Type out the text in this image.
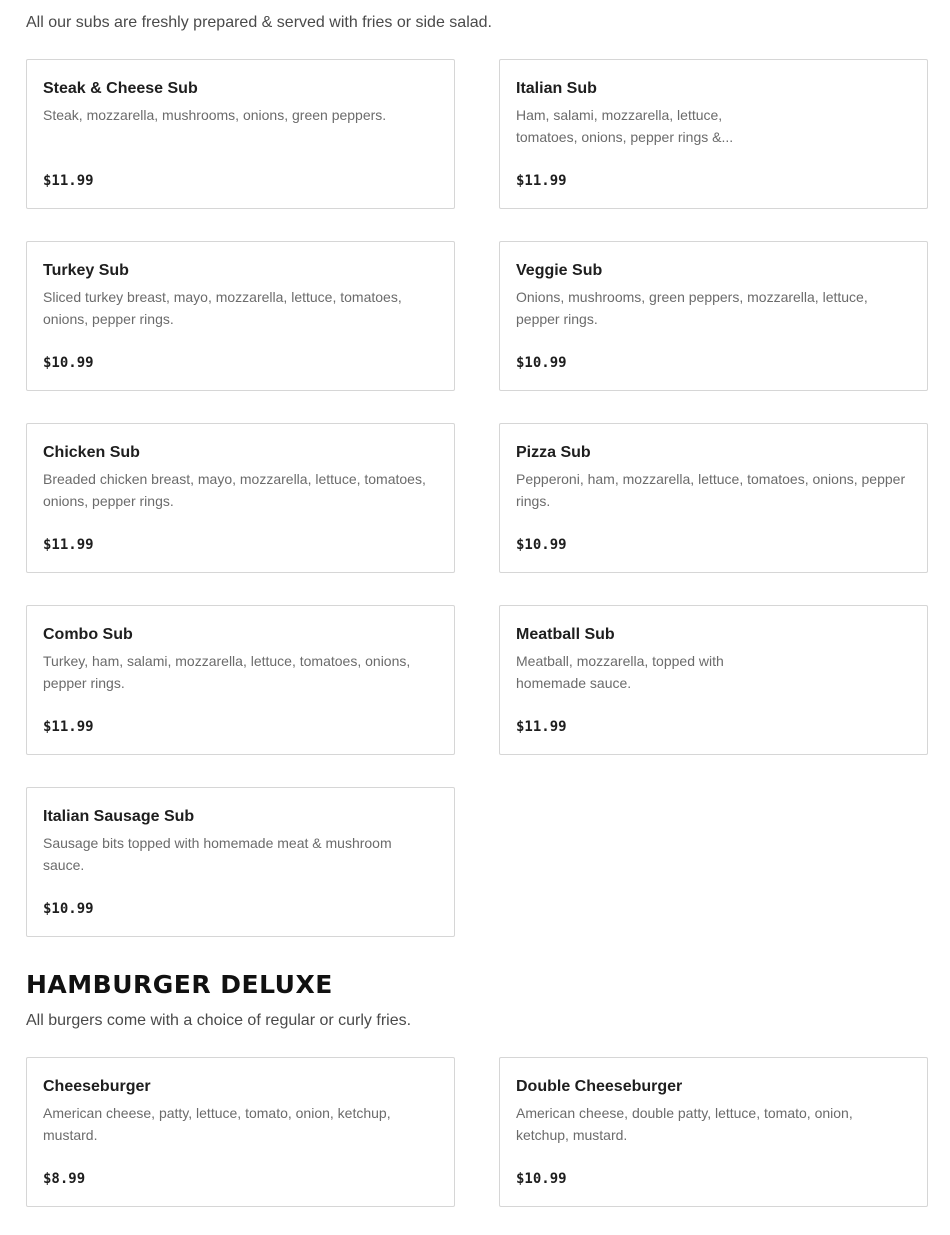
All our subs are freshly prepared & served with fries or side salad.
Steak & Cheese Sub
Steak, mozzarella, mushrooms, onions, green peppers.
$11.99
Italian Sub
Ham, salami, mozzarella, lettuce, tomatoes, onions, pepper rings &...
$11.99
Turkey Sub
Sliced turkey breast, mayo, mozzarella, lettuce, tomatoes, onions, pepper rings.
$10.99
Veggie Sub
Onions, mushrooms, green peppers, mozzarella, lettuce, pepper rings.
$10.99
Chicken Sub
Breaded chicken breast, mayo, mozzarella, lettuce, tomatoes, onions, pepper rings.
$11.99
Pizza Sub
Pepperoni, ham, mozzarella, lettuce, tomatoes, onions, pepper rings.
$10.99
Combo Sub
Turkey, ham, salami, mozzarella, lettuce, tomatoes, onions, pepper rings.
$11.99
Meatball Sub
Meatball, mozzarella, topped with homemade sauce.
$11.99
Italian Sausage Sub
Sausage bits topped with homemade meat & mushroom sauce.
$10.99
HAMBURGER DELUXE
All burgers come with a choice of regular or curly fries.
Cheeseburger
American cheese, patty, lettuce, tomato, onion, ketchup, mustard.
$8.99
Double Cheeseburger
American cheese, double patty, lettuce, tomato, onion, ketchup, mustard.
$10.99
